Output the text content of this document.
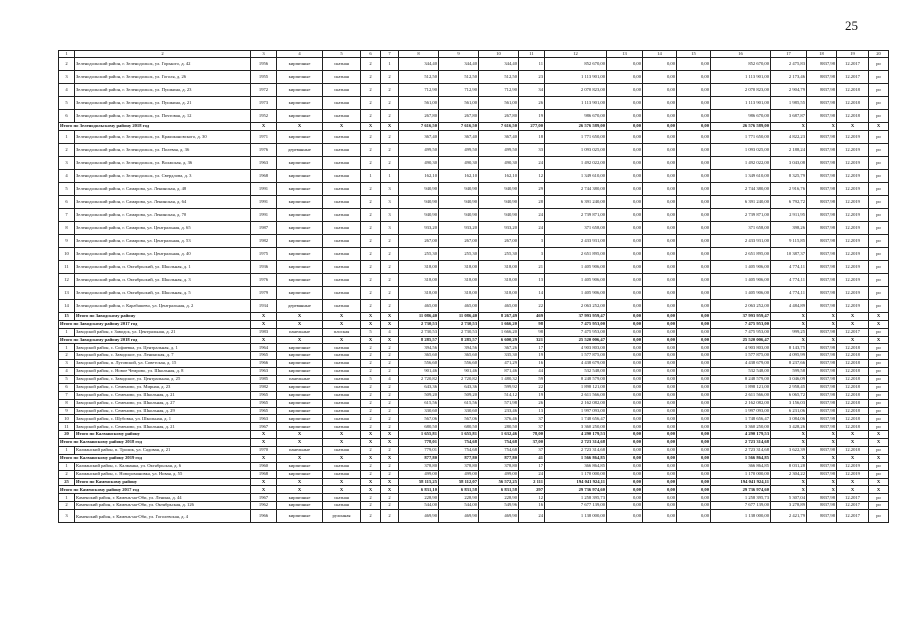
25
1	2	3	4	5	6	7	8	9	10	11	12	13	14	15	16	17	18	19	20
2	Зеленодольский район, г. Зеленодольск, ул. Горького, д. 42	1956	кирпичные	скатная	2	1	344,40	344,40	344,40	11	852 670,00	0,00	0,00	0,00	852 670,00	2 475,83	8837,98	12.2017	ро
3	Зеленодольский район, г. Зеленодольск, ул. Гоголя, д. 26	1955	кирпичные	скатная	2	2	512,50	512,50	512,50	23	1 113 901,00	0,00	0,00	0,00	1 113 901,00	2 173,46	8837,98	12.2017	ро
4	Зеленодольский район, г. Зеленодольск, ул. Пушкина, д. 23	1972	кирпичные	скатная	2	2	712,90	712,90	712,90	34	2 070 823,00	0,00	0,00	0,00	2 070 823,00	2 904,79	8837,98	12.2018	ро
5	Зеленодольский район, г. Зеленодольск, ул. Пушкина, д. 21	1973	кирпичные	скатная	2	2	561,00	561,00	561,00	26	1 113 901,00	0,00	0,00	0,00	1 113 901,00	1 985,55	8837,98	12.2018	ро
6	Зеленодольский район, г. Зеленодольск, ул. Почтовая, д. 12	1952	кирпичные	скатная	2	2	267,80	267,80	267,80	19	986 670,00	0,00	0,00	0,00	986 670,00	3 687,87	8837,98	12.2018	ро
Итого по Зеленодольскому району 2018 год		X	X	X	X	X	7 616,50	7 616,50	7 616,50	277,00	26 576 589,00	0,00	0,00	0,00	26 576 589,00	X	X	X	X
1	Зеленодольский район, г. Зеленодольск, ул. Кржижановского, д. 30	1971	кирпичные	скатная	2	2	367,40	367,40	367,40	18	1 771 650,00	0,00	0,00	0,00	1 771 650,00	4 822,23	8837,98	12.2019	ро
2	Зеленодольский район, г. Зеленодольск, ул. Полевая, д. 36	1976	деревянные	скатная	2	2	499,50	499,50	499,50	33	1 093 025,00	0,00	0,00	0,00	1 093 025,00	2 188,24	8837,98	12.2019	ро
3	Зеленодольский район, г. Зеленодольск, ул. Волжская, д. 36	1963	кирпичные	скатная	2	2	490,30	490,30	490,30	24	1 492 022,00	0,00	0,00	0,00	1 492 022,00	3 043,08	8837,98	12.2019	ро
4	Зеленодольский район, г. Зеленодольск, ул. Свердлова, д. 3	1968	кирпичные	скатная	1	1	162,10	162,10	162,10	12	1 349 610,00	0,00	0,00	0,00	1 349 610,00	8 325,79	8837,98	12.2019	ро
5	Зеленодольский район, г. Самарова, ул. Ленинская, д. 48	1991	кирпичные	скатная	2	3	940,90	940,90	940,90	29	2 744 380,00	0,00	0,00	0,00	2 744 380,00	2 916,76	8837,98	12.2019	ро
6	Зеленодольский район, г. Самарова, ул. Ленинская, д. 64	1991	кирпичные	скатная	2	3	940,90	940,90	940,90	28	6 391 240,00	0,00	0,00	0,00	6 391 240,00	6 792,72	8837,98	12.2019	ро
7	Зеленодольский район, г. Самарова, ул. Ленинская, д. 70	1991	кирпичные	скатная	2	3	940,90	940,90	940,90	24	2 739 871,00	0,00	0,00	0,00	2 739 871,00	2 911,95	8837,98	12.2019	ро
8	Зеленодольский район, г. Самарова, ул. Центральная, д. 65	1987	кирпичные	скатная	2	3	933,20	933,20	933,20	24	371 658,00	0,00	0,00	0,00	371 658,00	398,26	8837,98	12.2019	ро
9	Зеленодольский район, г. Самарова, ул. Центральная, д. 53	1982	кирпичные	скатная	2	2	267,00	267,00	267,00	3	2 433 931,00	0,00	0,00	0,00	2 433 931,00	9 115,85	8837,98	12.2019	ро
10	Зеленодольский район, г. Самарова, ул. Центральная, д. 40	1975	кирпичные	скатная	2	2	255,30	255,30	255,30	3	2 651 895,00	0,00	0,00	0,00	2 651 895,00	10 387,37	8837,98	12.2019	ро
11	Зеленодольский район, п. Октябрьский, ул. Школьная, д. 1	1936	кирпичные	скатная	2	2	318,00	318,00	318,00	21	1 405 906,00	0,00	0,00	0,00	1 405 906,00	4 774,11	8837,98	12.2019	ро
12	Зеленодольский район, п. Октябрьский, ул. Школьная, д. 3	1976	кирпичные	скатная	2	2	318,00	318,00	318,00	13	1 405 906,00	0,00	0,00	0,00	1 405 906,00	4 774,11	8837,98	12.2019	ро
13	Зеленодольский район, п. Октябрьский, ул. Школьная, д. 5	1979	кирпичные	скатная	2	2	318,00	318,00	318,00	14	1 405 906,00	0,00	0,00	0,00	1 405 906,00	4 774,11	8837,98	12.2019	ро
14	Зеленодольский район, г. Карабашево, ул. Центральная, д. 2	1934	деревянные	скатная	2	2	465,00	465,00	465,00	22	2 063 252,00	0,00	0,00	0,00	2 063 252,00	4 484,89	8837,98	12.2019	ро
15	Итого по Заводскому району	X	X	X	X	X	11 086,40	11 086,40	8 267,49	469	37 993 959,47	0,00	0,00	0,00	37 993 959,47	X	X	X	X
Итого по Заводскому району 2017 год		X	X	X	X	X	2 730,53	2 730,53	1 666,20	98	7 475 953,00	0,00	0,00	0,00	7 475 953,00	X	X	X	X
1	Заводской район, г. Заводск, ул. Центральная, д. 21	1983	панельные	плоская	5	4	2 730,53	2 730,53	1 666,20	98	7 475 953,00	0,00	0,00	0,00	7 475 953,00	999,25	8837,98	12.2017	ро
Итого по Заводскому району 2018 год		X	X	X	X	X	8 285,57	8 285,57	6 600,29	321	25 520 006,47	0,00	0,00	0,00	25 520 006,47	X	X	X	X
1	Заводской район, с. Софиевка, ул. Центральная, д. 1	1964	кирпичные	скатная	2	2	394,56	394,56	367,26	17	4 903 803,00	0,00	0,00	0,00	4 903 803,00	8 143,75	8837,98	12.2018	ро
2	Заводской район, с. Заводское, ул. Ленинская, д. 7	1965	кирпичные	скатная	2	2	365,60	365,60	335,30	19	1 577 875,00	0,00	0,00	0,00	1 577 875,00	4 095,99	8837,98	12.2018	ро
3	Заводской район, п. Луговской, ул. Советская, д. 15	1966	кирпичные	скатная	2	2	556,60	556,60	471,29	16	4 438 679,00	0,00	0,00	0,00	4 438 679,00	8 237,66	8837,98	12.2018	ро
4	Заводской район, с. Новое Чемрово, ул. Школьная, д. 8	1963	кирпичные	скатная	2	2	901,46	901,46	871,46	44	532 548,00	0,00	0,00	0,00	532 548,00	599,58	8837,98	12.2018	ро
5	Заводской район, с. Заводское, ул. Центральная, д. 25	1985	панельные	скатная	5	4	2 720,82	2 720,82	1 480,32	59	8 248 579,00	0,00	0,00	0,00	8 248 579,00	3 046,09	8837,98	12.2018	ро
6	Заводской район, с. Семеново, ул. Мирная, д. 23	1982	кирпичные	скатная	2	2	643,36	643,36	599,92	22	1 898 121,00	0,00	0,00	0,00	1 898 121,00	2 958,45	8837,98	12.2018	ро
7	Заводской район, с. Семеново, ул. Школьная, д. 21	1965	кирпичные	скатная	2	2	509,20	509,20	514,12	19	2 611 566,00	0,00	0,00	0,00	2 611 566,00	6 065,72	8837,98	12.2018	ро
8	Заводской район, с. Семеново, ул. Школьная, д. 27	1965	кирпичные	скатная	2	2	615,56	615,56	571,98	26	2 162 082,00	0,00	0,00	0,00	2 162 082,00	3 156,03	8837,98	12.2018	ро
9	Заводской район, с. Семеново, ул. Школьная, д. 29	1965	кирпичные	скатная	2	2	330,60	330,60	233,46	13	1 997 093,00	0,00	0,00	0,00	1 997 093,00	6 231,06	8837,98	12.2018	ро
10	Заводской район, с. Шубовка, ул. Школьная, д. 1	1963	кирпичные	скатная	2	2	567,06	567,06	376,46	37	1 748 656,47	0,00	0,00	0,00	1 748 656,47	3 084,06	8837,98	12.2018	ро
11	Заводской район, с. Семеново, ул. Школьная, д. 21	1967	кирпичные	скатная	2	2	680,50	680,50	280,50	37	3 360 250,00	0,00	0,00	0,00	3 360 250,00	3 428,26	8837,98	12.2018	ро
20	Итого по Калманскому району	X	X	X	X	X	1 655,81	1 655,81	1 632,46	78,00	4 290 179,53	0,00	0,00	0,00	4 290 179,53	X	X	X	X
Итого по Калманскому району 2018 год		X	X	X	X	X	778,01	754,68	754,68	37,00	2 723 314,68	0,00	0,00	0,00	2 723 314,68	X	X	X	X
1	Калманский район, п. Тролик, ул. Садовая, д. 21	1970	панельные	скатная	2	2	779,01	754,68	754,68	37	2 723 314,68	0,00	0,00	0,00	2 723 314,68	3 622,39	8837,98	12.2018	ро
Итого по Калманскому району 2019 год		X	X	X	X	X	877,80	877,80	877,80	41	1 566 864,85	0,00	0,00	0,00	1 566 864,85	X	X	X	X
1	Калманский район, с. Калманка, ул. Октябрьская, д. 6	1960	кирпичные	скатная	2	2	378,80	378,80	378,80	17	366 864,85	0,00	0,00	0,00	366 864,85	8 031,28	8837,98	12.2019	ро
2	Калманский район, с. Новоромановка, ул. Новая, д. 55	1968	кирпичные	скатная	2	2	499,00	499,00	499,00	24	1 170 000,00	0,00	0,00	0,00	1 170 000,00	2 304,22	8837,98	12.2019	ро
25	Итого по Каменскому району	X	X	X	X	X	58 115,25	58 112,07	56 572,25	2 111	194 041 924,11	0,00	0,00	0,00	194 041 924,11	X	X	X	X
Итого по Каменскому району 2017 год		X	X	X	X	X	6 831,10	6 831,58	6 831,58	297	29 736 974,60	0,00	0,00	0,00	29 736 974,60	X	X	X	X
1	Каменский район, г. Камень-на-Оби, ул. Ленина, д. 44	1967	кирпичные	скатная	2	2	228,90	228,90	228,90	12	1 258 395,73	0,00	0,00	0,00	1 258 395,73	5 307,04	8837,98	12.2017	ро
2	Каменский район, г. Камень-на-Оби, ул. Октябрьская, д. 126	1962	кирпичные	скатная	2	2	544,00	544,00	549,96	16	7 677 139,00	0,00	0,00	0,00	7 677 139,00	3 278,89	8837,98	12.2017	ро
3	Каменский район, г. Камень-на-Оби, ул. Гоголевская, д. 4	1966	кирпичные	рулонная	2	2	469,90	469,90	469,90	24	1 138 000,00	0,00	0,00	0,00	1 138 000,00	2 421,79	8837,98	12.2017	ро
